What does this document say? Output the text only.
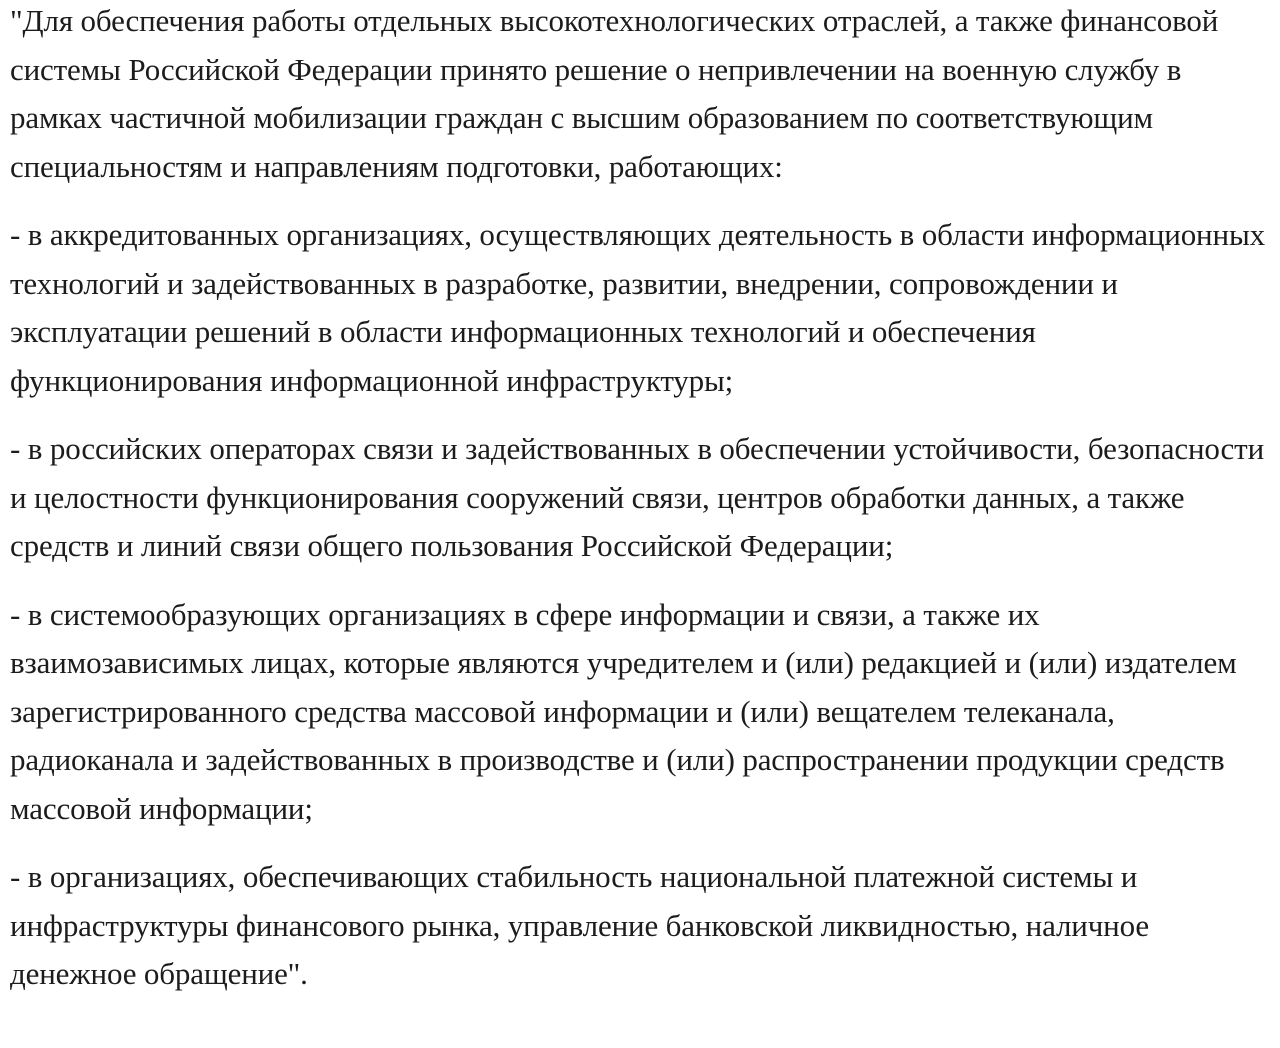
"Для обеспечения работы отдельных высокотехнологических отраслей, а также финансовой системы Российской Федерации принято решение о непривлечении на военную службу в рамках частичной мобилизации граждан с высшим образованием по соответствующим специальностям и направлениям подготовки, работающих:

- в аккредитованных организациях, осуществляющих деятельность в области информационных технологий и задействованных в разработке, развитии, внедрении, сопровождении и эксплуатации решений в области информационных технологий и обеспечения функционирования информационной инфраструктуры;

- в российских операторах связи и задействованных в обеспечении устойчивости, безопасности и целостности функционирования сооружений связи, центров обработки данных, а также средств и линий связи общего пользования Российской Федерации;

- в системообразующих организациях в сфере информации и связи, а также их взаимозависимых лицах, которые являются учредителем и (или) редакцией и (или) издателем зарегистрированного средства массовой информации и (или) вещателем телеканала, радиоканала и задействованных в производстве и (или) распространении продукции средств массовой информации;

- в организациях, обеспечивающих стабильность национальной платежной системы и инфраструктуры финансового рынка, управление банковской ликвидностью, наличное денежное обращение".
